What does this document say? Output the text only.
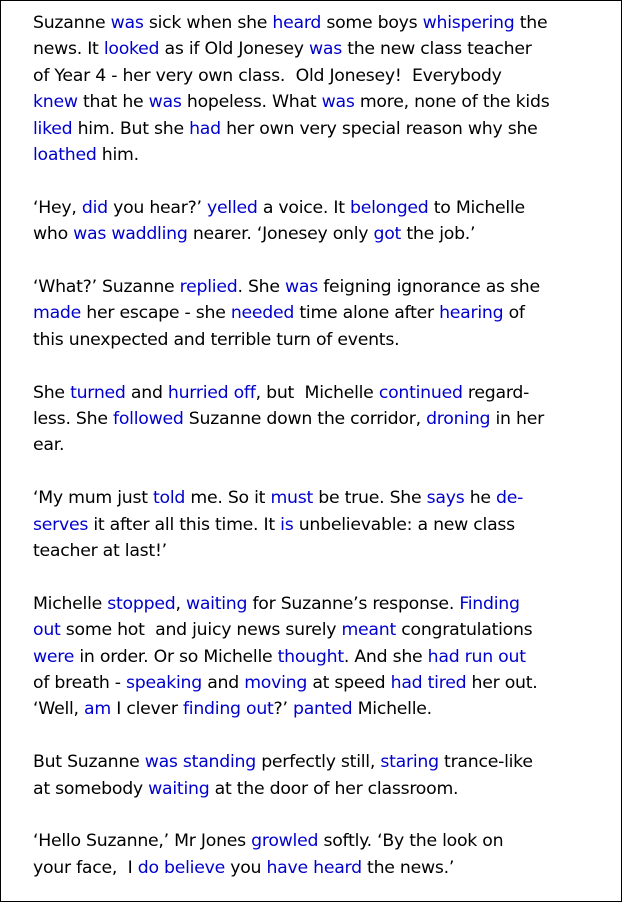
Suzanne was sick when she heard some boys whispering the
news. It looked as if Old Jonesey was the new class teacher
of Year 4 - her very own class.  Old Jonesey!  Everybody
knew that he was hopeless. What was more, none of the kids
liked him. But she had her own very special reason why she
loathed him.
‘Hey, did you hear?’ yelled a voice. It belonged to Michelle
who was waddling nearer. ‘Jonesey only got the job.’
‘What?’ Suzanne replied. She was feigning ignorance as she
made her escape - she needed time alone after hearing of
this unexpected and terrible turn of events.
She turned and hurried off, but  Michelle continued regard-
less. She followed Suzanne down the corridor, droning in her
ear.
‘My mum just told me. So it must be true. She says he de-
serves it after all this time. It is unbelievable: a new class
teacher at last!’
Michelle stopped, waiting for Suzanne’s response. Finding
out some hot  and juicy news surely meant congratulations
were in order. Or so Michelle thought. And she had run out
of breath - speaking and moving at speed had tired her out.
‘Well, am I clever finding out?’ panted Michelle.
But Suzanne was standing perfectly still, staring trance-like
at somebody waiting at the door of her classroom.
‘Hello Suzanne,’ Mr Jones growled softly. ‘By the look on
your face,  I do believe you have heard the news.’
